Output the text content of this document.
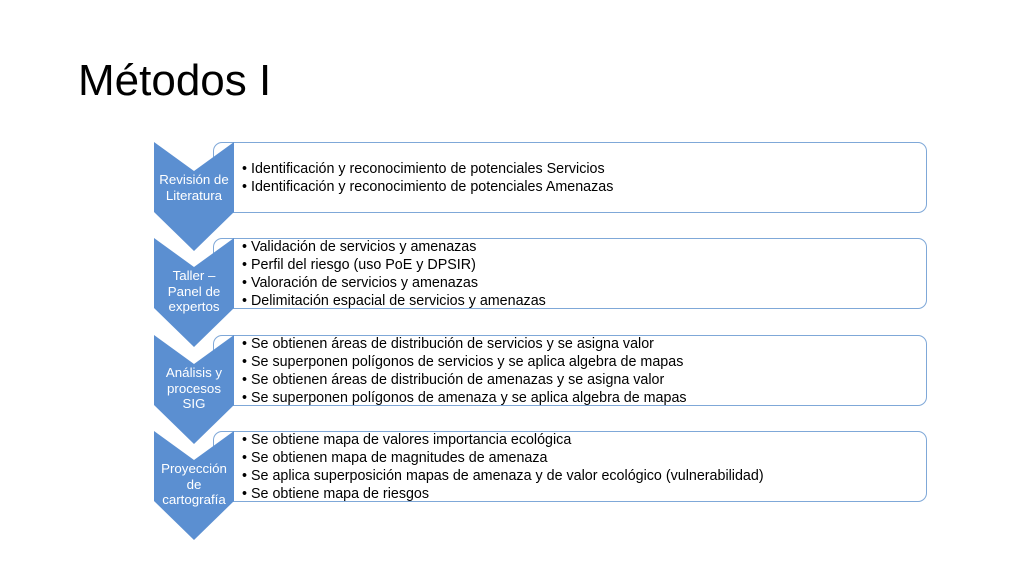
Métodos I
• Identificación y reconocimiento de potenciales Servicios
• Identificación y reconocimiento de potenciales Amenazas
Revisión de Literatura
• Validación de servicios y amenazas
• Perfil del riesgo (uso PoE y DPSIR)
• Valoración de servicios y amenazas
• Delimitación espacial de servicios y amenazas
Taller – Panel de expertos
• Se obtienen áreas de distribución de servicios y se asigna valor
• Se superponen polígonos de servicios y se aplica algebra de mapas
• Se obtienen áreas de distribución de amenazas y se asigna valor
• Se superponen polígonos de amenaza y se aplica algebra de mapas
Análisis y procesos SIG
• Se obtiene mapa de valores importancia ecológica
• Se obtienen mapa de magnitudes de amenaza
• Se aplica superposición mapas de amenaza y de valor ecológico (vulnerabilidad)
• Se obtiene mapa de riesgos
Proyección de cartografía
